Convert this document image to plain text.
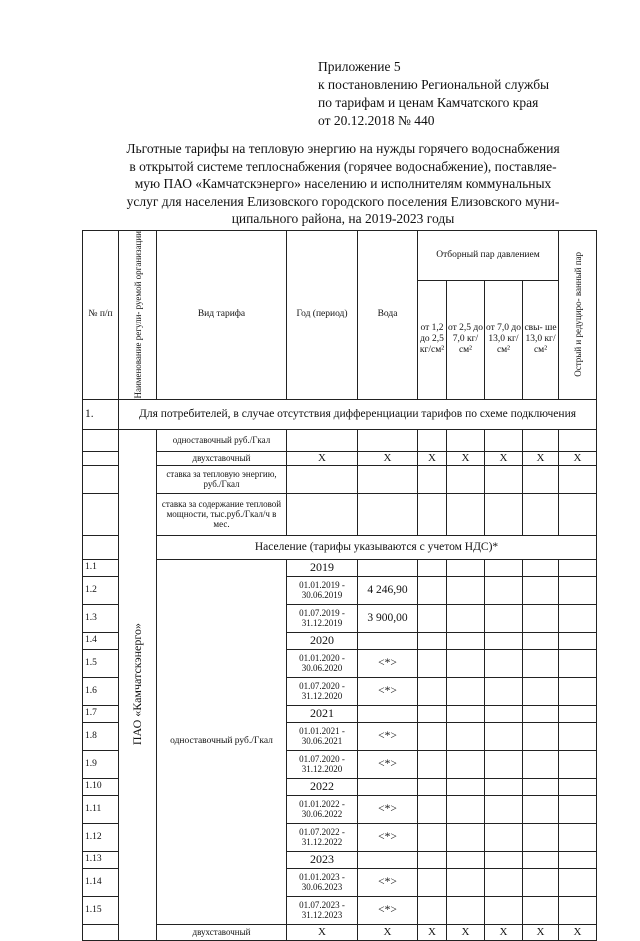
Приложение 5
к постановлению Региональной службы
по тарифам и ценам Камчатского края
от 20.12.2018 № 440
Льготные тарифы на тепловую энергию на нужды горячего водоснабжения
в открытой системе теплоснабжения (горячее водоснабжение), поставляе-
мую ПАО «Камчатскэнерго» населению и исполнителям коммунальных
услуг для населения Елизовского городского поселения Елизовского муни-
ципального района, на 2019-2023 годы
№ п/п	Наименование регули- руемой организации	Вид тарифа	Год (период)	Вода	Отборный пар давлением				Острый и редуциро- ванный пар

					от 1,2 до 2,5 кг/см²	от 2,5 до 7,0 кг/см²	от 7,0 до 13,0 кг/см²	свы- ше 13,0 кг/см²	
1.	Для потребителей, в случае отсутствия дифференциации тарифов по схеме подключения								

	ПАО «Камчатскэнерго»	одноставочный руб./Гкал							
		двухставочный	Х	Х	Х	Х	Х	Х	Х
		ставка за тепловую энергию, руб./Гкал							
		ставка за содержание тепловой мощности, тыс.руб./Гкал/ч в мес.							
		Население (тарифы указываются с учетом НДС)*							
1.1		одноставочный руб./Гкал	2019						
1.2			01.01.2019 - 30.06.2019	4 246,90					
1.3			01.07.2019 - 31.12.2019	3 900,00					
1.4			2020						
1.5			01.01.2020 - 30.06.2020	<*>					
1.6			01.07.2020 - 31.12.2020	<*>					
1.7			2021						
1.8			01.01.2021 - 30.06.2021	<*>					
1.9			01.07.2020 - 31.12.2020	<*>					
1.10			2022						
1.11			01.01.2022 - 30.06.2022	<*>					
1.12			01.07.2022 - 31.12.2022	<*>					
1.13			2023						
1.14			01.01.2023 - 30.06.2023	<*>					
1.15			01.07.2023 - 31.12.2023	<*>					
		двухставочный	Х	Х	Х	Х	Х	Х	Х
